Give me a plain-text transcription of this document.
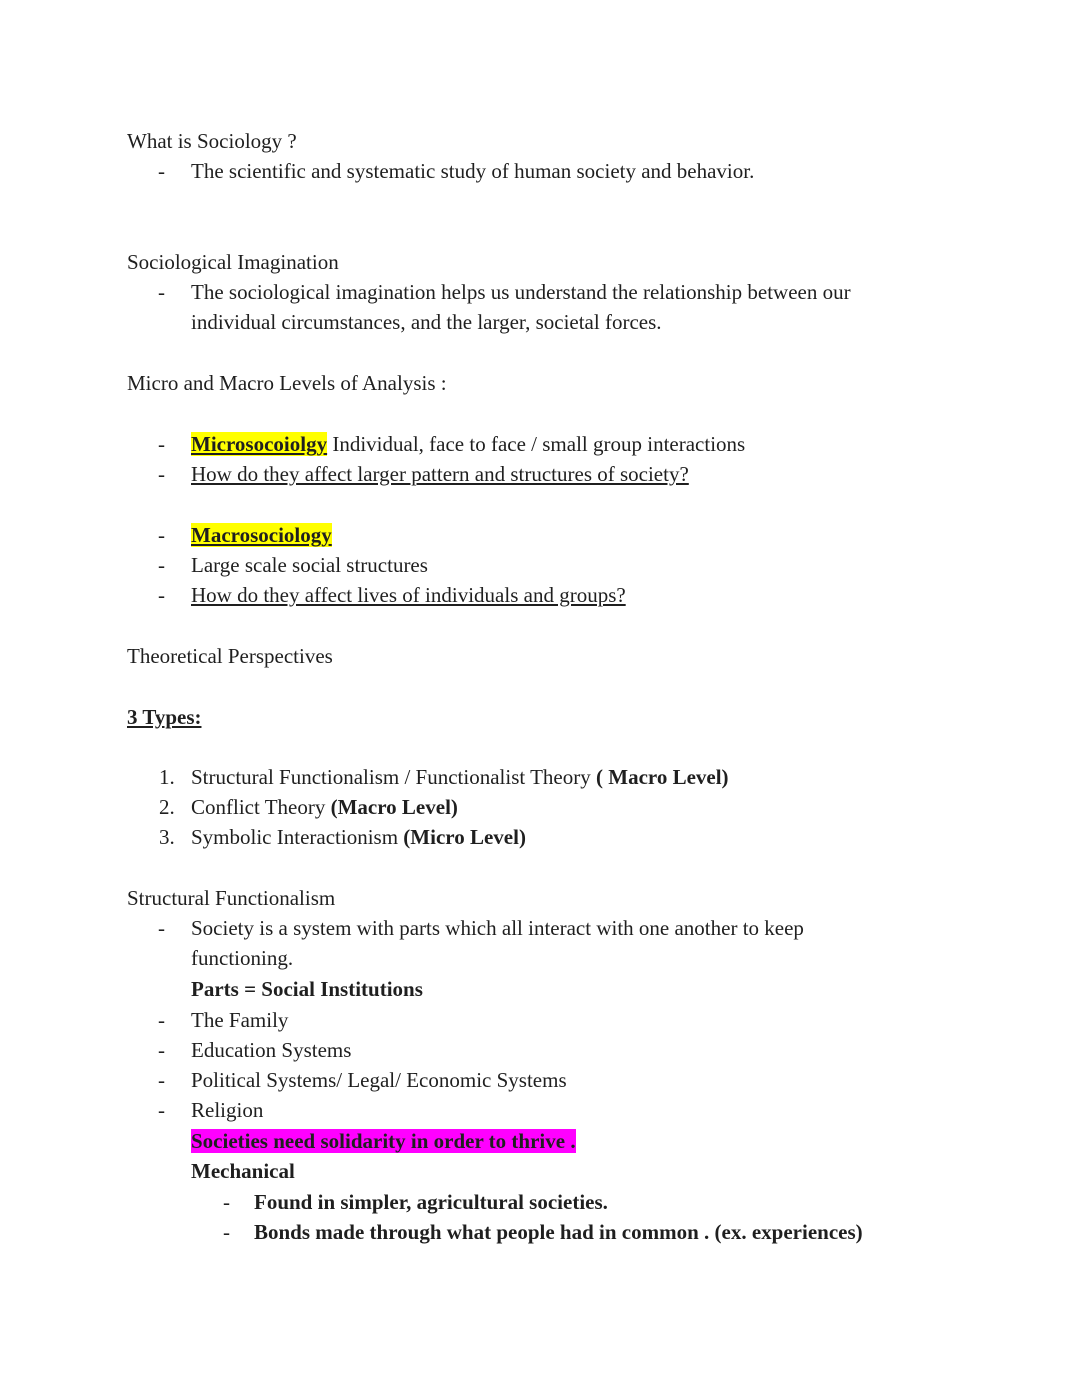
What is Sociology ?
- The scientific and systematic study of human society and behavior.
Sociological Imagination
- The sociological imagination helps us understand the relationship between our
individual circumstances, and the larger, societal forces.
Micro and Macro Levels of Analysis :
- Microsocoiolgy Individual, face to face / small group interactions
- How do they affect larger pattern and structures of society?
- Macrosociology
- Large scale social structures
- How do they affect lives of individuals and groups?
Theoretical Perspectives
3 Types:
1. Structural Functionalism / Functionalist Theory ( Macro Level)
2. Conflict Theory (Macro Level)
3. Symbolic Interactionism (Micro Level)
Structural Functionalism
- Society is a system with parts which all interact with one another to keep
functioning.
Parts = Social Institutions
- The Family
- Education Systems
- Political Systems/ Legal/ Economic Systems
- Religion
Societies need solidarity in order to thrive .
Mechanical
- Found in simpler, agricultural societies.
- Bonds made through what people had in common . (ex. experiences)
